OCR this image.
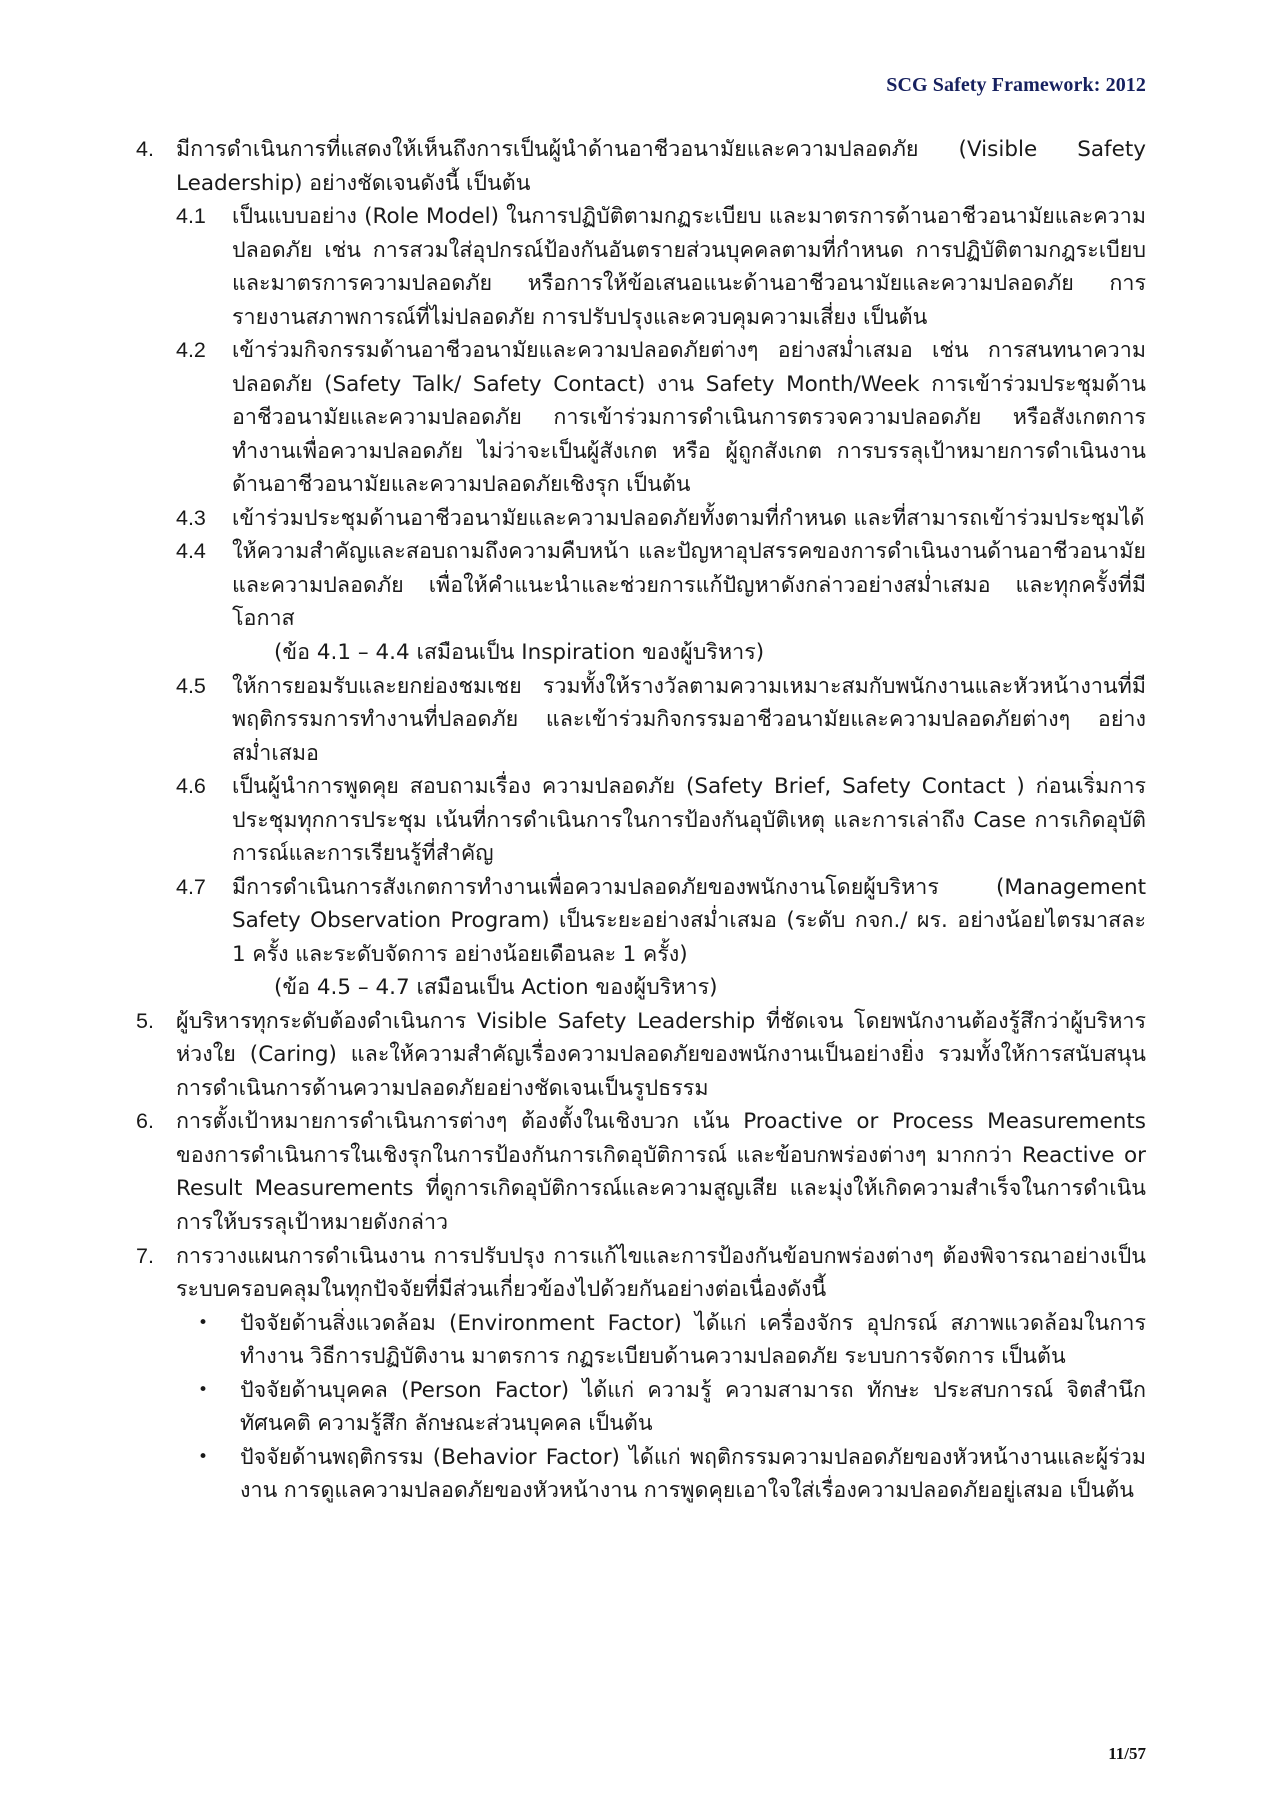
SCG Safety Framework: 2012
4.	มีการดำเนินการที่แสดงให้เห็นถึงการเป็นผู้นำด้านอาชีวอนามัยและความปลอดภัย (Visible Safety Leadership) อย่างชัดเจนดังนี้ เป็นต้น
4.1	เป็นแบบอย่าง (Role Model) ในการปฏิบัติตามกฏระเบียบ และมาตรการด้านอาชีวอนามัยและความปลอดภัย เช่น การสวมใส่อุปกรณ์ป้องกันอันตรายส่วนบุคคลตามที่กำหนด การปฏิบัติตามกฎระเบียบ และมาตรการความปลอดภัย หรือการให้ข้อเสนอแนะด้านอาชีวอนามัยและความปลอดภัย การรายงานสภาพการณ์ที่ไม่ปลอดภัย การปรับปรุงและควบคุมความเสี่ยง เป็นต้น
4.2	เข้าร่วมกิจกรรมด้านอาชีวอนามัยและความปลอดภัยต่างๆ อย่างสม่ำเสมอ เช่น การสนทนาความปลอดภัย (Safety Talk/ Safety Contact) งาน Safety Month/Week การเข้าร่วมประชุมด้านอาชีวอนามัยและความปลอดภัย การเข้าร่วมการดำเนินการตรวจความปลอดภัย หรือสังเกตการทำงานเพื่อความปลอดภัย ไม่ว่าจะเป็นผู้สังเกต หรือ ผู้ถูกสังเกต การบรรลุเป้าหมายการดำเนินงานด้านอาชีวอนามัยและความปลอดภัยเชิงรุก เป็นต้น
4.3	เข้าร่วมประชุมด้านอาชีวอนามัยและความปลอดภัยทั้งตามที่กำหนด และที่สามารถเข้าร่วมประชุมได้
4.4	ให้ความสำคัญและสอบถามถึงความคืบหน้า และปัญหาอุปสรรคของการดำเนินงานด้านอาชีวอนามัยและความปลอดภัย เพื่อให้คำแนะนำและช่วยการแก้ปัญหาดังกล่าวอย่างสม่ำเสมอ และทุกครั้งที่มีโอกาส
(ข้อ 4.1 – 4.4 เสมือนเป็น Inspiration ของผู้บริหาร)
4.5	ให้การยอมรับและยกย่องชมเชย รวมทั้งให้รางวัลตามความเหมาะสมกับพนักงานและหัวหน้างานที่มี พฤติกรรมการทำงานที่ปลอดภัย และเข้าร่วมกิจกรรมอาชีวอนามัยและความปลอดภัยต่างๆ อย่างสม่ำเสมอ
4.6	เป็นผู้นำการพูดคุย สอบถามเรื่อง ความปลอดภัย (Safety Brief, Safety Contact ) ก่อนเริ่มการประชุมทุกการประชุม เน้นที่การดำเนินการในการป้องกันอุบัติเหตุ และการเล่าถึง Case การเกิดอุบัติการณ์และการเรียนรู้ที่สำคัญ
4.7	มีการดำเนินการสังเกตการทำงานเพื่อความปลอดภัยของพนักงานโดยผู้บริหาร (Management Safety Observation Program) เป็นระยะอย่างสม่ำเสมอ (ระดับ กจก./ ผร. อย่างน้อยไตรมาสละ 1 ครั้ง และระดับจัดการ อย่างน้อยเดือนละ 1 ครั้ง)
(ข้อ 4.5 – 4.7 เสมือนเป็น Action ของผู้บริหาร)
5.	ผู้บริหารทุกระดับต้องดำเนินการ Visible Safety Leadership ที่ชัดเจน โดยพนักงานต้องรู้สึกว่าผู้บริหารห่วงใย (Caring) และให้ความสำคัญเรื่องความปลอดภัยของพนักงานเป็นอย่างยิ่ง รวมทั้งให้การสนับสนุนการดำเนินการด้านความปลอดภัยอย่างชัดเจนเป็นรูปธรรม
6.	การตั้งเป้าหมายการดำเนินการต่างๆ ต้องตั้งในเชิงบวก เน้น Proactive or Process Measurements ของการดำเนินการในเชิงรุกในการป้องกันการเกิดอุบัติการณ์ และข้อบกพร่องต่างๆ มากกว่า Reactive or Result Measurements ที่ดูการเกิดอุบัติการณ์และความสูญเสีย และมุ่งให้เกิดความสำเร็จในการดำเนินการให้บรรลุเป้าหมายดังกล่าว
7.	การวางแผนการดำเนินงาน การปรับปรุง การแก้ไขและการป้องกันข้อบกพร่องต่างๆ ต้องพิจารณาอย่างเป็นระบบครอบคลุมในทุกปัจจัยที่มีส่วนเกี่ยวข้องไปด้วยกันอย่างต่อเนื่องดังนี้
•	ปัจจัยด้านสิ่งแวดล้อม (Environment Factor) ได้แก่ เครื่องจักร อุปกรณ์ สภาพแวดล้อมในการทำงาน วิธีการปฏิบัติงาน มาตรการ กฏระเบียบด้านความปลอดภัย ระบบการจัดการ เป็นต้น
•	ปัจจัยด้านบุคคล (Person Factor) ได้แก่ ความรู้ ความสามารถ ทักษะ ประสบการณ์ จิตสำนึก ทัศนคติ ความรู้สึก ลักษณะส่วนบุคคล เป็นต้น
•	ปัจจัยด้านพฤติกรรม (Behavior Factor) ได้แก่ พฤติกรรมความปลอดภัยของหัวหน้างานและผู้ร่วมงาน การดูแลความปลอดภัยของหัวหน้างาน การพูดคุยเอาใจใส่เรื่องความปลอดภัยอยู่เสมอ เป็นต้น
11/57
